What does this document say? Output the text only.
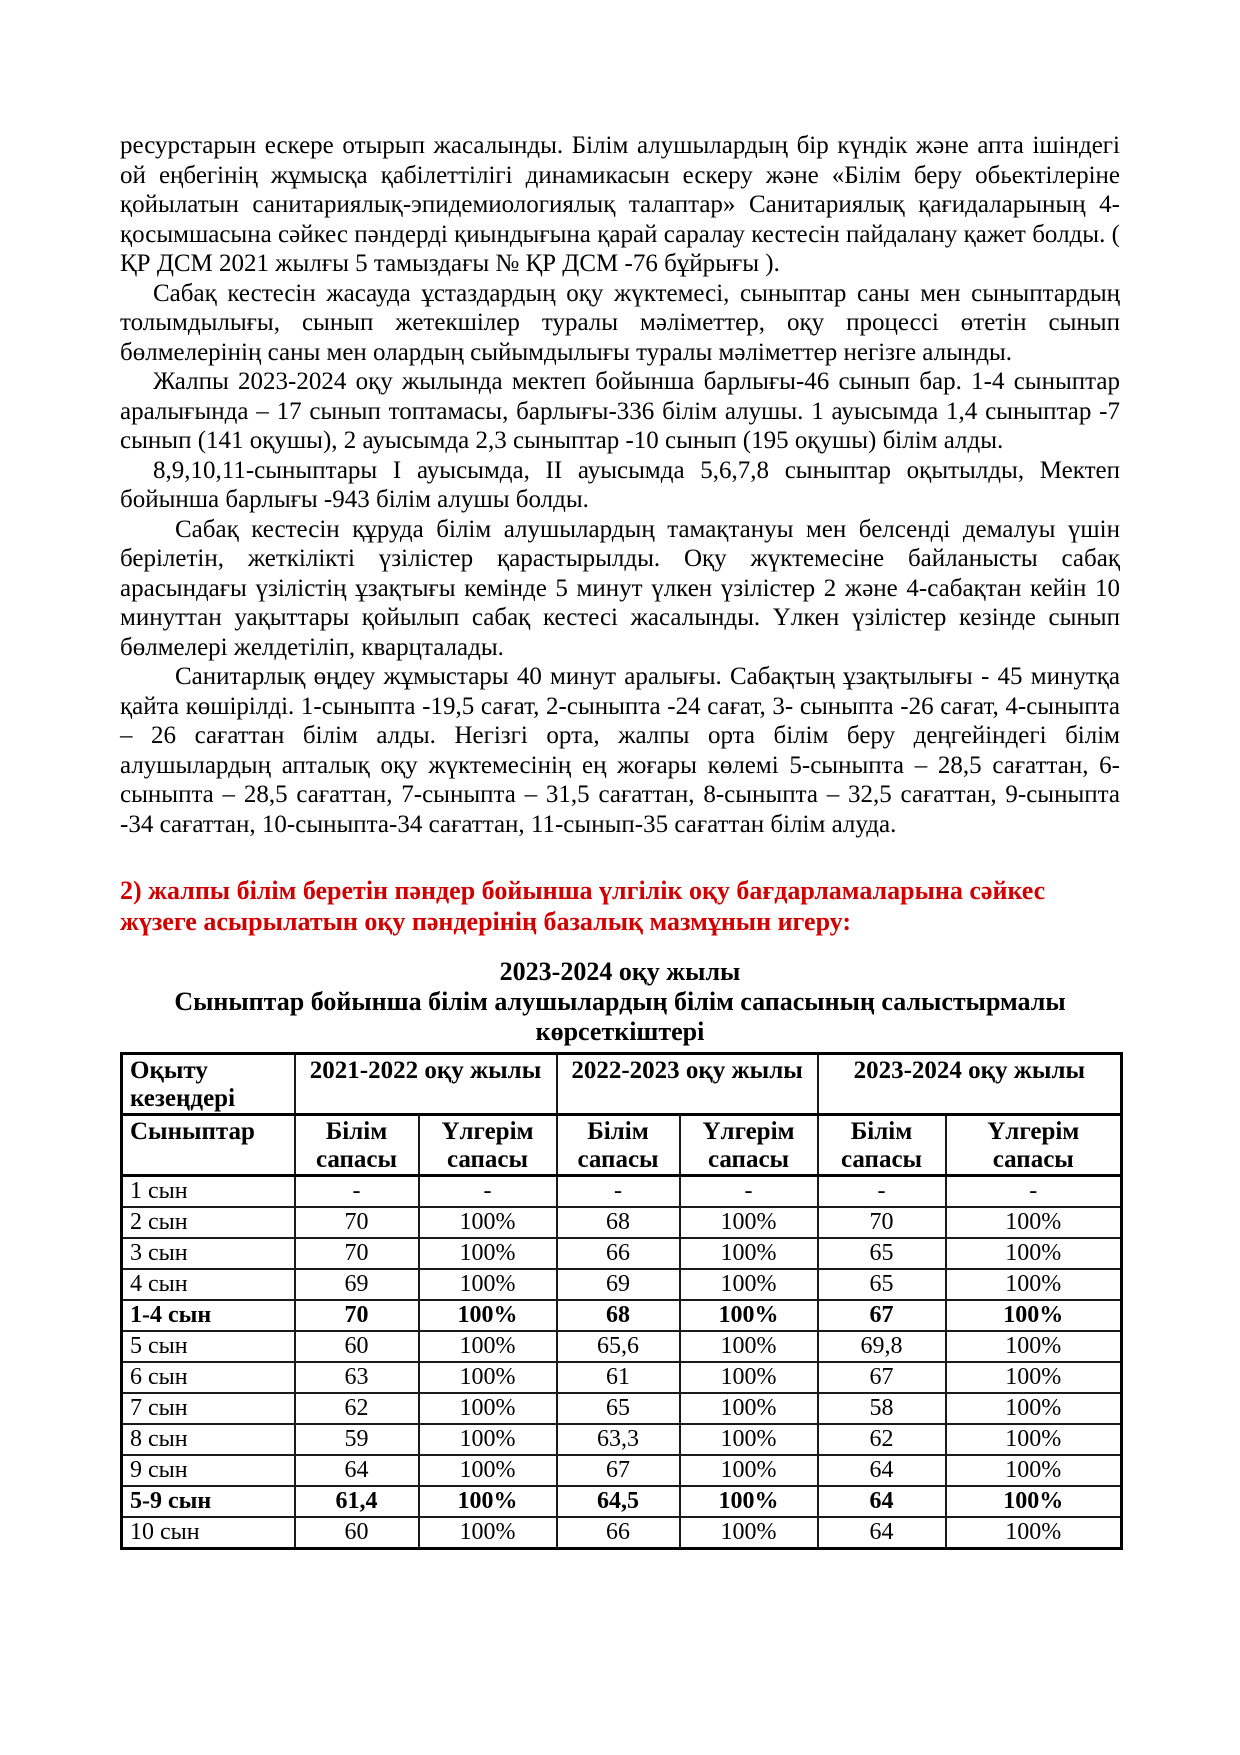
ресурстарын ескере отырып жасалынды. Білім алушылардың бір күндік және апта ішіндегі ой еңбегінің жұмысқа қабілеттілігі динамикасын ескеру және «Білім беру обьектілеріне қойылатын санитариялық-эпидемиологиялық талаптар» Санитариялық қағидаларының 4-қосымшасына сәйкес пәндерді қиындығына қарай саралау кестесін пайдалану қажет болды. ( ҚР ДСМ 2021 жылғы 5 тамыздағы № ҚР ДСМ -76 бұйрығы ).

Сабақ кестесін жасауда ұстаздардың оқу жүктемесі, сыныптар саны мен сыныптардың толымдылығы, сынып жетекшілер туралы мәліметтер, оқу процессі өтетін сынып бөлмелерінің саны мен олардың сыйымдылығы туралы мәліметтер негізге алынды.

Жалпы 2023-2024 оқу жылында мектеп бойынша барлығы-46 сынып бар. 1-4 сыныптар аралығында – 17 сынып топтамасы, барлығы-336 білім алушы. 1 ауысымда 1,4 сыныптар -7 сынып (141 оқушы), 2 ауысымда 2,3 сыныптар -10 сынып (195 оқушы) білім алды.

8,9,10,11-сыныптары I ауысымда, II ауысымда 5,6,7,8 сыныптар оқытылды, Мектеп бойынша барлығы -943 білім алушы болды.

Сабақ кестесін құруда білім алушылардың тамақтануы мен белсенді демалуы үшін берілетін, жеткілікті үзілістер қарастырылды. Оқу жүктемесіне байланысты сабақ арасындағы үзілістің ұзақтығы кемінде 5 минут үлкен үзілістер 2 және 4-сабақтан кейін 10 минуттан уақыттары қойылып сабақ кестесі жасалынды. Үлкен үзілістер кезінде сынып бөлмелері желдетіліп, кварцталады.

Санитарлық өңдеу жұмыстары 40 минут аралығы. Сабақтың ұзақтылығы - 45 минутқа қайта көшірілді. 1-сыныпта -19,5 сағат, 2-сыныпта -24 сағат, 3- сыныпта -26 сағат, 4-сыныпта – 26 сағаттан білім алды. Негізгі орта, жалпы орта білім беру деңгейіндегі білім алушылардың апталық оқу жүктемесінің ең жоғары көлемі 5-сыныпта – 28,5 сағаттан, 6-сыныпта – 28,5 сағаттан, 7-сыныпта – 31,5 сағаттан, 8-сыныпта – 32,5 сағаттан, 9-сыныпта -34 сағаттан, 10-сыныпта-34 сағаттан, 11-сынып-35 сағаттан білім алуда.

2) жалпы білім беретін пәндер бойынша үлгілік оқу бағдарламаларына сәйкес жүзеге асырылатын оқу пәндерінің базалық мазмұнын игеру:
2023-2024 оқу жылы
Сыныптар бойынша білім алушылардың білім сапасының салыстырмалы
көрсеткіштері
Оқыту кезеңдері	2021-2022 оқу жылы		2022-2023 оқу жылы		2023-2024 оқу жылы	
Сыныптар	Білім сапасы	Үлгерім сапасы	Білім сапасы	Үлгерім сапасы	Білім сапасы	Үлгерім сапасы
1 сын	-	-	-	-	-	-
2 сын	70	100%	68	100%	70	100%
3 сын	70	100%	66	100%	65	100%
4 сын	69	100%	69	100%	65	100%
1-4 сын	70	100%	68	100%	67	100%
5 сын	60	100%	65,6	100%	69,8	100%
6 сын	63	100%	61	100%	67	100%
7 сын	62	100%	65	100%	58	100%
8 сын	59	100%	63,3	100%	62	100%
9 сын	64	100%	67	100%	64	100%
5-9 сын	61,4	100%	64,5	100%	64	100%
10 сын	60	100%	66	100%	64	100%
